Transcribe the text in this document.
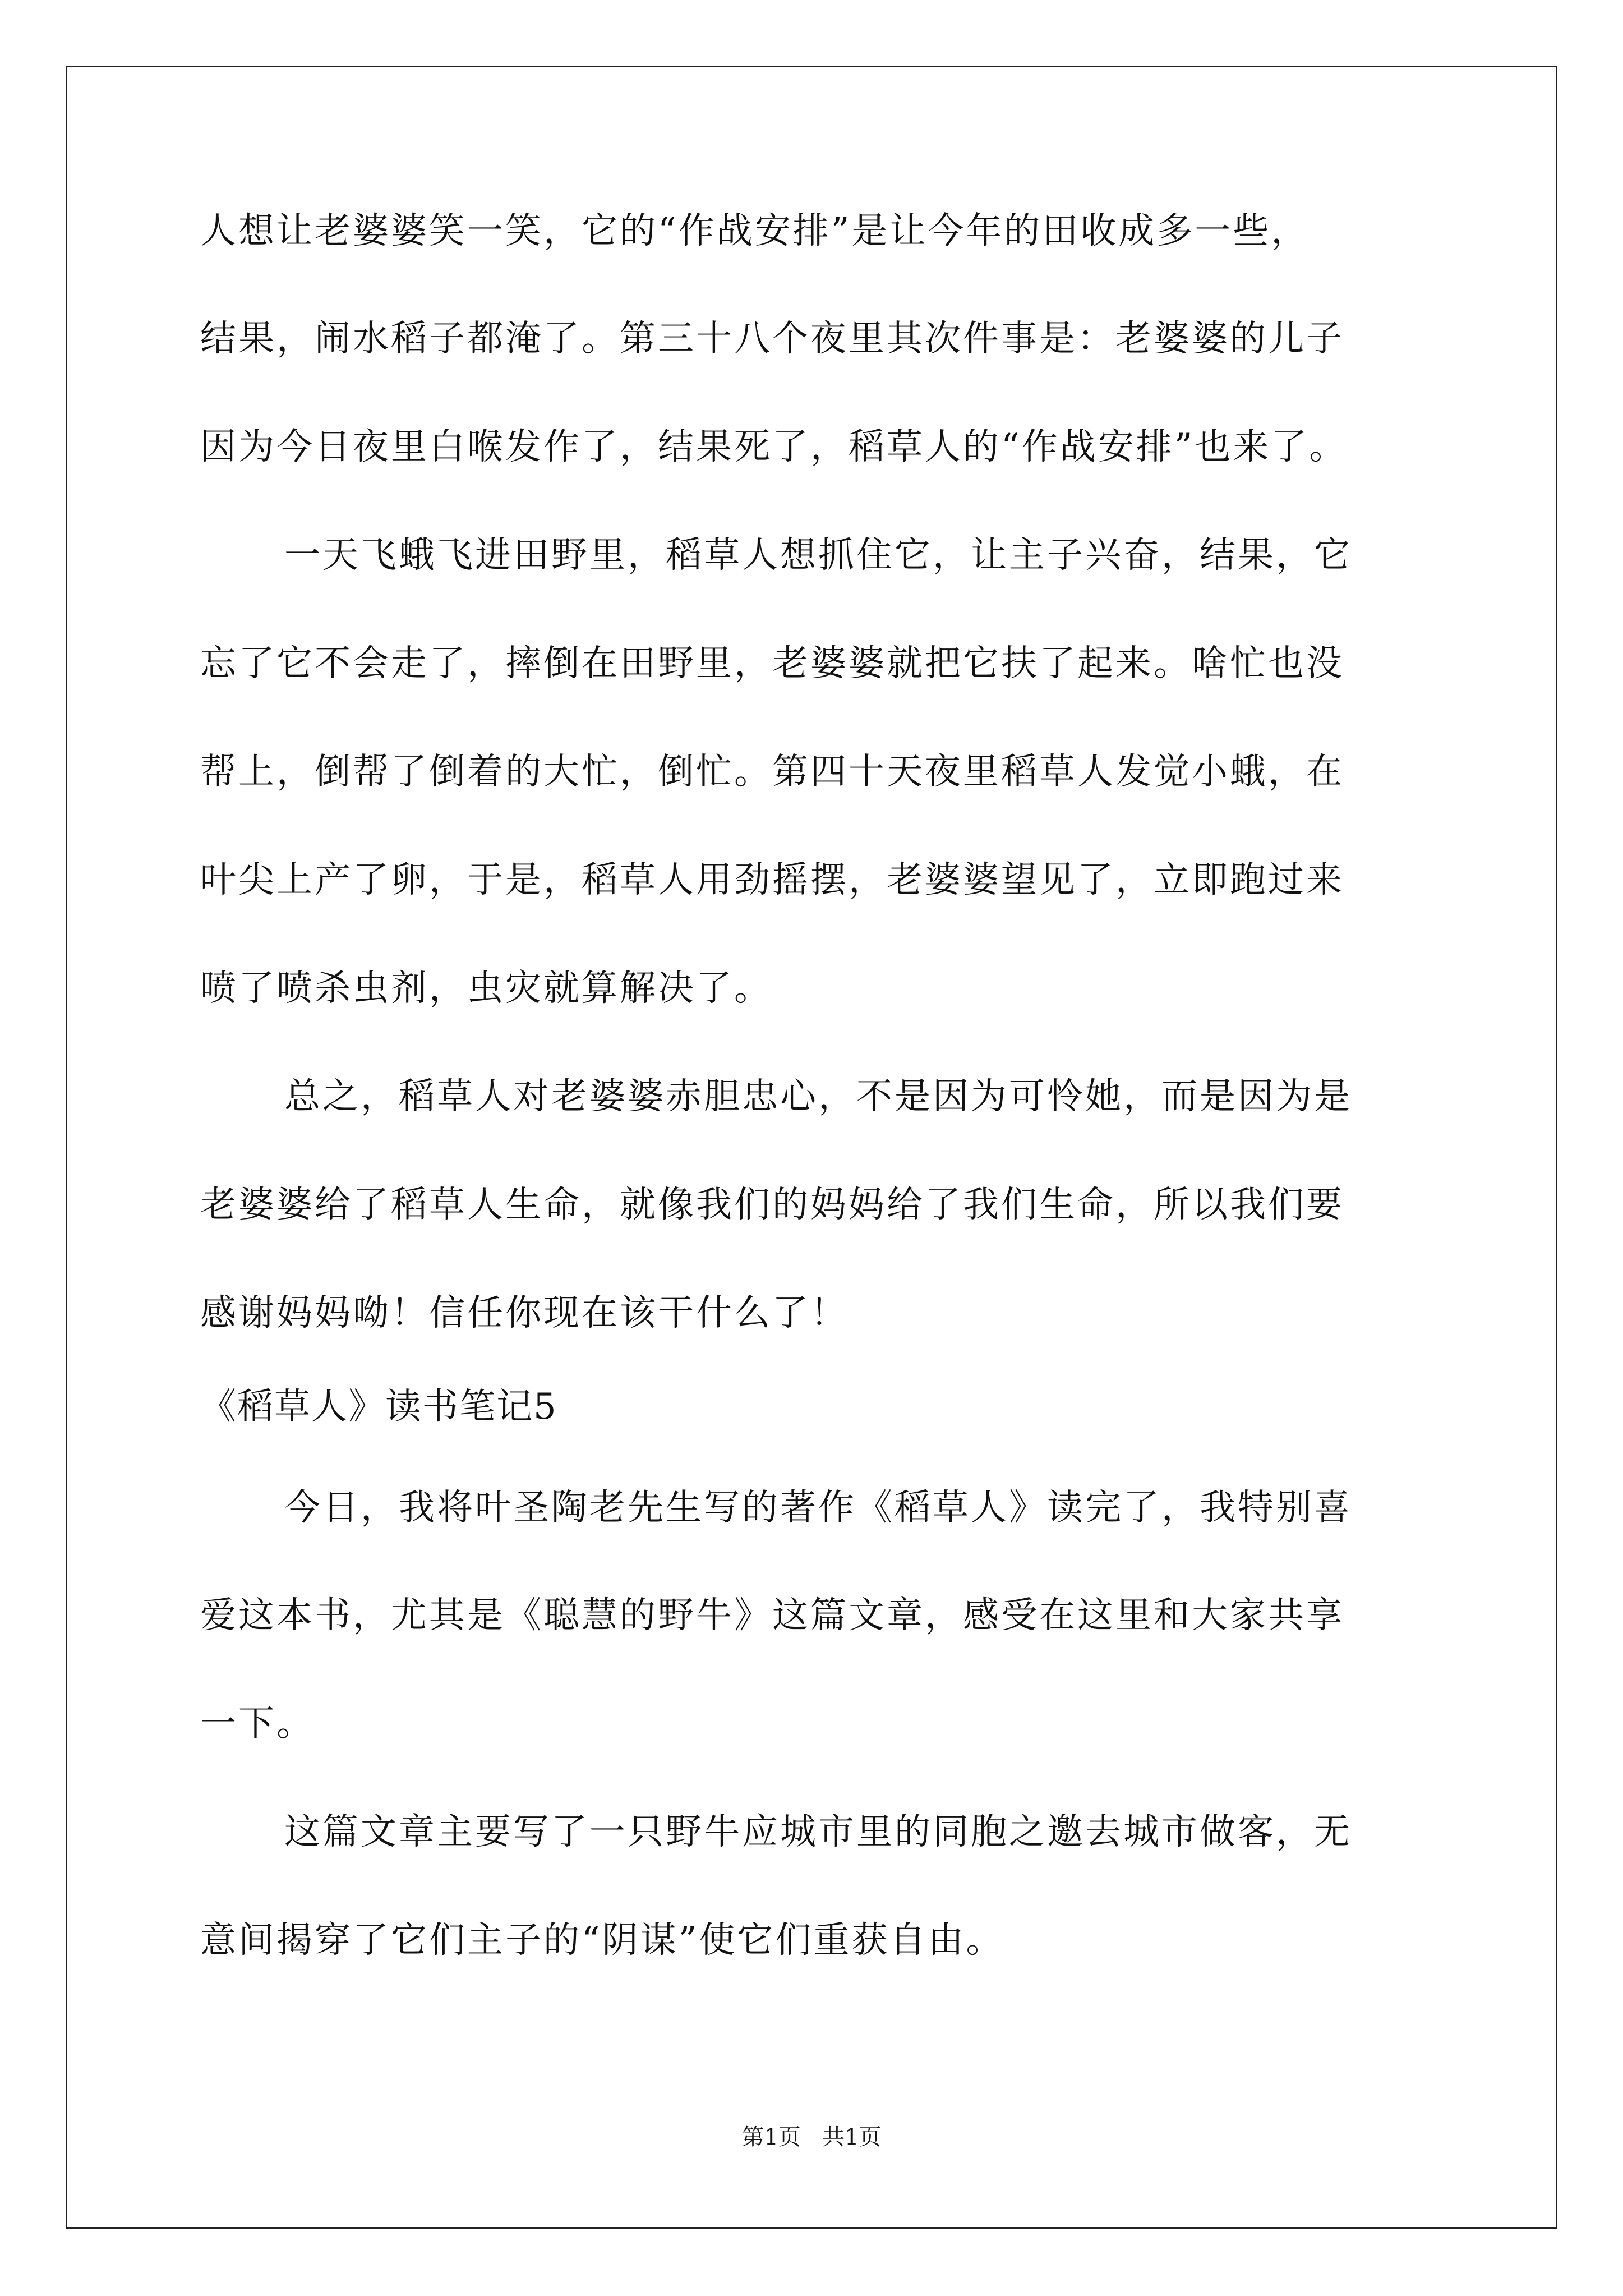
人想让老婆婆笑一笑，它的“作战安排”是让今年的田收成多一些，
结果，闹水稻子都淹了。第三十八个夜里其次件事是：老婆婆的儿子
因为今日夜里白喉发作了，结果死了，稻草人的“作战安排”也来了。
一天飞蛾飞进田野里，稻草人想抓住它，让主子兴奋，结果，它
忘了它不会走了，摔倒在田野里，老婆婆就把它扶了起来。啥忙也没
帮上，倒帮了倒着的大忙，倒忙。第四十天夜里稻草人发觉小蛾，在
叶尖上产了卵，于是，稻草人用劲摇摆，老婆婆望见了，立即跑过来
喷了喷杀虫剂，虫灾就算解决了。
总之，稻草人对老婆婆赤胆忠心，不是因为可怜她，而是因为是
老婆婆给了稻草人生命，就像我们的妈妈给了我们生命，所以我们要
感谢妈妈呦！信任你现在该干什么了！
《稻草人》读书笔记5
今日，我将叶圣陶老先生写的著作《稻草人》读完了，我特别喜
爱这本书，尤其是《聪慧的野牛》这篇文章，感受在这里和大家共享
一下。
这篇文章主要写了一只野牛应城市里的同胞之邀去城市做客，无
意间揭穿了它们主子的“阴谋”使它们重获自由。
第1页   共1页
